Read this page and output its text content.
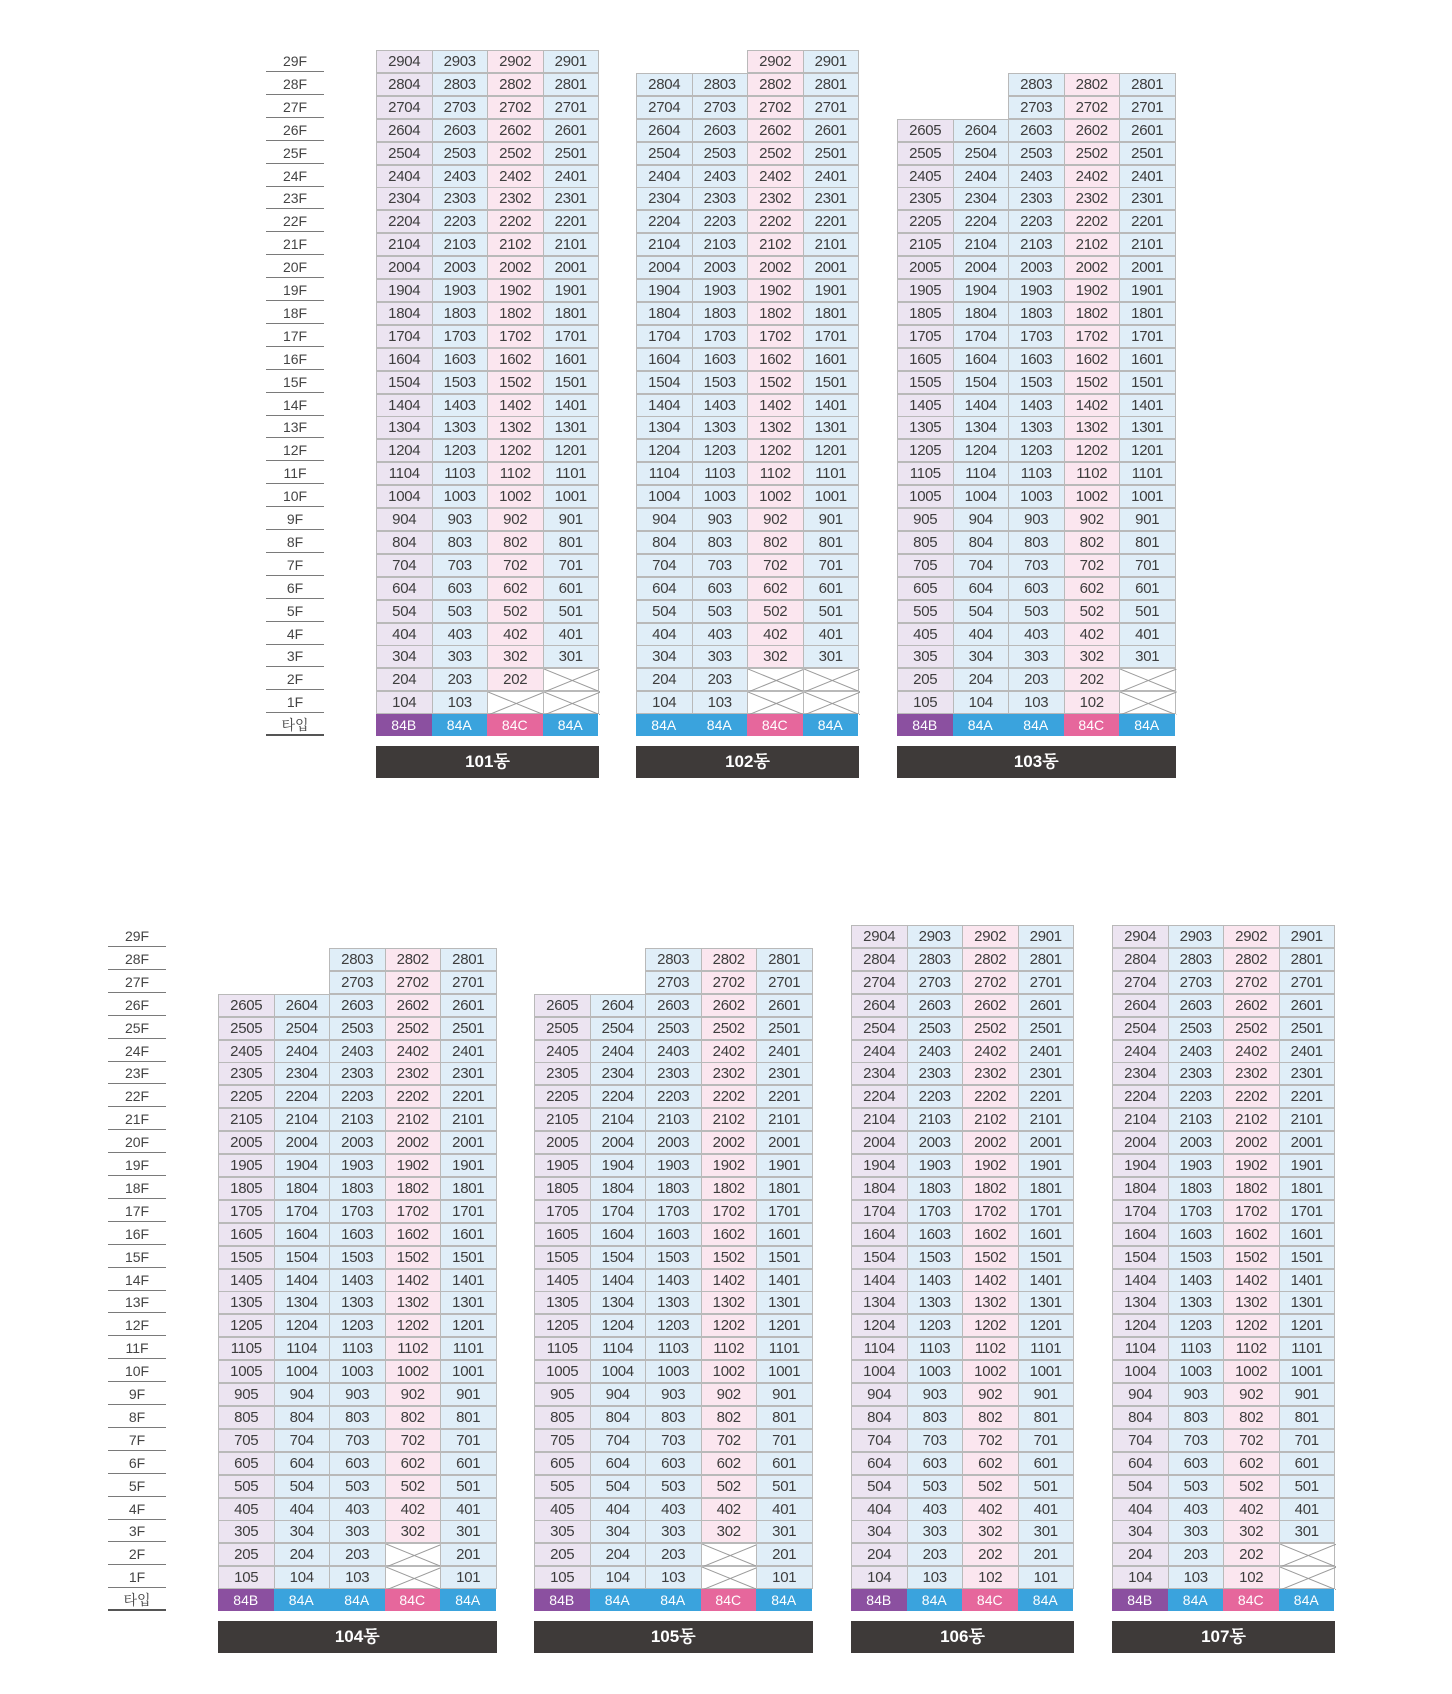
29F
28F
27F
26F
25F
24F
23F
22F
21F
20F
19F
18F
17F
16F
15F
14F
13F
12F
11F
10F
9F
8F
7F
6F
5F
4F
3F
2F
1F
타입
2904
2804
2704
2604
2504
2404
2304
2204
2104
2004
1904
1804
1704
1604
1504
1404
1304
1204
1104
1004
904
804
704
604
504
404
304
204
104
84B
2903
2803
2703
2603
2503
2403
2303
2203
2103
2003
1903
1803
1703
1603
1503
1403
1303
1203
1103
1003
903
803
703
603
503
403
303
203
103
84A
2902
2802
2702
2602
2502
2402
2302
2202
2102
2002
1902
1802
1702
1602
1502
1402
1302
1202
1102
1002
902
802
702
602
502
402
302
202
84C
2901
2801
2701
2601
2501
2401
2301
2201
2101
2001
1901
1801
1701
1601
1501
1401
1301
1201
1101
1001
901
801
701
601
501
401
301
84A
101동
2804
2704
2604
2504
2404
2304
2204
2104
2004
1904
1804
1704
1604
1504
1404
1304
1204
1104
1004
904
804
704
604
504
404
304
204
104
84A
2803
2703
2603
2503
2403
2303
2203
2103
2003
1903
1803
1703
1603
1503
1403
1303
1203
1103
1003
903
803
703
603
503
403
303
203
103
84A
2902
2802
2702
2602
2502
2402
2302
2202
2102
2002
1902
1802
1702
1602
1502
1402
1302
1202
1102
1002
902
802
702
602
502
402
302
84C
2901
2801
2701
2601
2501
2401
2301
2201
2101
2001
1901
1801
1701
1601
1501
1401
1301
1201
1101
1001
901
801
701
601
501
401
301
84A
102동
2605
2505
2405
2305
2205
2105
2005
1905
1805
1705
1605
1505
1405
1305
1205
1105
1005
905
805
705
605
505
405
305
205
105
84B
2604
2504
2404
2304
2204
2104
2004
1904
1804
1704
1604
1504
1404
1304
1204
1104
1004
904
804
704
604
504
404
304
204
104
84A
2803
2703
2603
2503
2403
2303
2203
2103
2003
1903
1803
1703
1603
1503
1403
1303
1203
1103
1003
903
803
703
603
503
403
303
203
103
84A
2802
2702
2602
2502
2402
2302
2202
2102
2002
1902
1802
1702
1602
1502
1402
1302
1202
1102
1002
902
802
702
602
502
402
302
202
102
84C
2801
2701
2601
2501
2401
2301
2201
2101
2001
1901
1801
1701
1601
1501
1401
1301
1201
1101
1001
901
801
701
601
501
401
301
84A
103동
29F
28F
27F
26F
25F
24F
23F
22F
21F
20F
19F
18F
17F
16F
15F
14F
13F
12F
11F
10F
9F
8F
7F
6F
5F
4F
3F
2F
1F
타입
2605
2505
2405
2305
2205
2105
2005
1905
1805
1705
1605
1505
1405
1305
1205
1105
1005
905
805
705
605
505
405
305
205
105
84B
2604
2504
2404
2304
2204
2104
2004
1904
1804
1704
1604
1504
1404
1304
1204
1104
1004
904
804
704
604
504
404
304
204
104
84A
2803
2703
2603
2503
2403
2303
2203
2103
2003
1903
1803
1703
1603
1503
1403
1303
1203
1103
1003
903
803
703
603
503
403
303
203
103
84A
2802
2702
2602
2502
2402
2302
2202
2102
2002
1902
1802
1702
1602
1502
1402
1302
1202
1102
1002
902
802
702
602
502
402
302
84C
2801
2701
2601
2501
2401
2301
2201
2101
2001
1901
1801
1701
1601
1501
1401
1301
1201
1101
1001
901
801
701
601
501
401
301
201
101
84A
104동
2605
2505
2405
2305
2205
2105
2005
1905
1805
1705
1605
1505
1405
1305
1205
1105
1005
905
805
705
605
505
405
305
205
105
84B
2604
2504
2404
2304
2204
2104
2004
1904
1804
1704
1604
1504
1404
1304
1204
1104
1004
904
804
704
604
504
404
304
204
104
84A
2803
2703
2603
2503
2403
2303
2203
2103
2003
1903
1803
1703
1603
1503
1403
1303
1203
1103
1003
903
803
703
603
503
403
303
203
103
84A
2802
2702
2602
2502
2402
2302
2202
2102
2002
1902
1802
1702
1602
1502
1402
1302
1202
1102
1002
902
802
702
602
502
402
302
84C
2801
2701
2601
2501
2401
2301
2201
2101
2001
1901
1801
1701
1601
1501
1401
1301
1201
1101
1001
901
801
701
601
501
401
301
201
101
84A
105동
2904
2804
2704
2604
2504
2404
2304
2204
2104
2004
1904
1804
1704
1604
1504
1404
1304
1204
1104
1004
904
804
704
604
504
404
304
204
104
84B
2903
2803
2703
2603
2503
2403
2303
2203
2103
2003
1903
1803
1703
1603
1503
1403
1303
1203
1103
1003
903
803
703
603
503
403
303
203
103
84A
2902
2802
2702
2602
2502
2402
2302
2202
2102
2002
1902
1802
1702
1602
1502
1402
1302
1202
1102
1002
902
802
702
602
502
402
302
202
102
84C
2901
2801
2701
2601
2501
2401
2301
2201
2101
2001
1901
1801
1701
1601
1501
1401
1301
1201
1101
1001
901
801
701
601
501
401
301
201
101
84A
106동
2904
2804
2704
2604
2504
2404
2304
2204
2104
2004
1904
1804
1704
1604
1504
1404
1304
1204
1104
1004
904
804
704
604
504
404
304
204
104
84B
2903
2803
2703
2603
2503
2403
2303
2203
2103
2003
1903
1803
1703
1603
1503
1403
1303
1203
1103
1003
903
803
703
603
503
403
303
203
103
84A
2902
2802
2702
2602
2502
2402
2302
2202
2102
2002
1902
1802
1702
1602
1502
1402
1302
1202
1102
1002
902
802
702
602
502
402
302
202
102
84C
2901
2801
2701
2601
2501
2401
2301
2201
2101
2001
1901
1801
1701
1601
1501
1401
1301
1201
1101
1001
901
801
701
601
501
401
301
84A
107동
